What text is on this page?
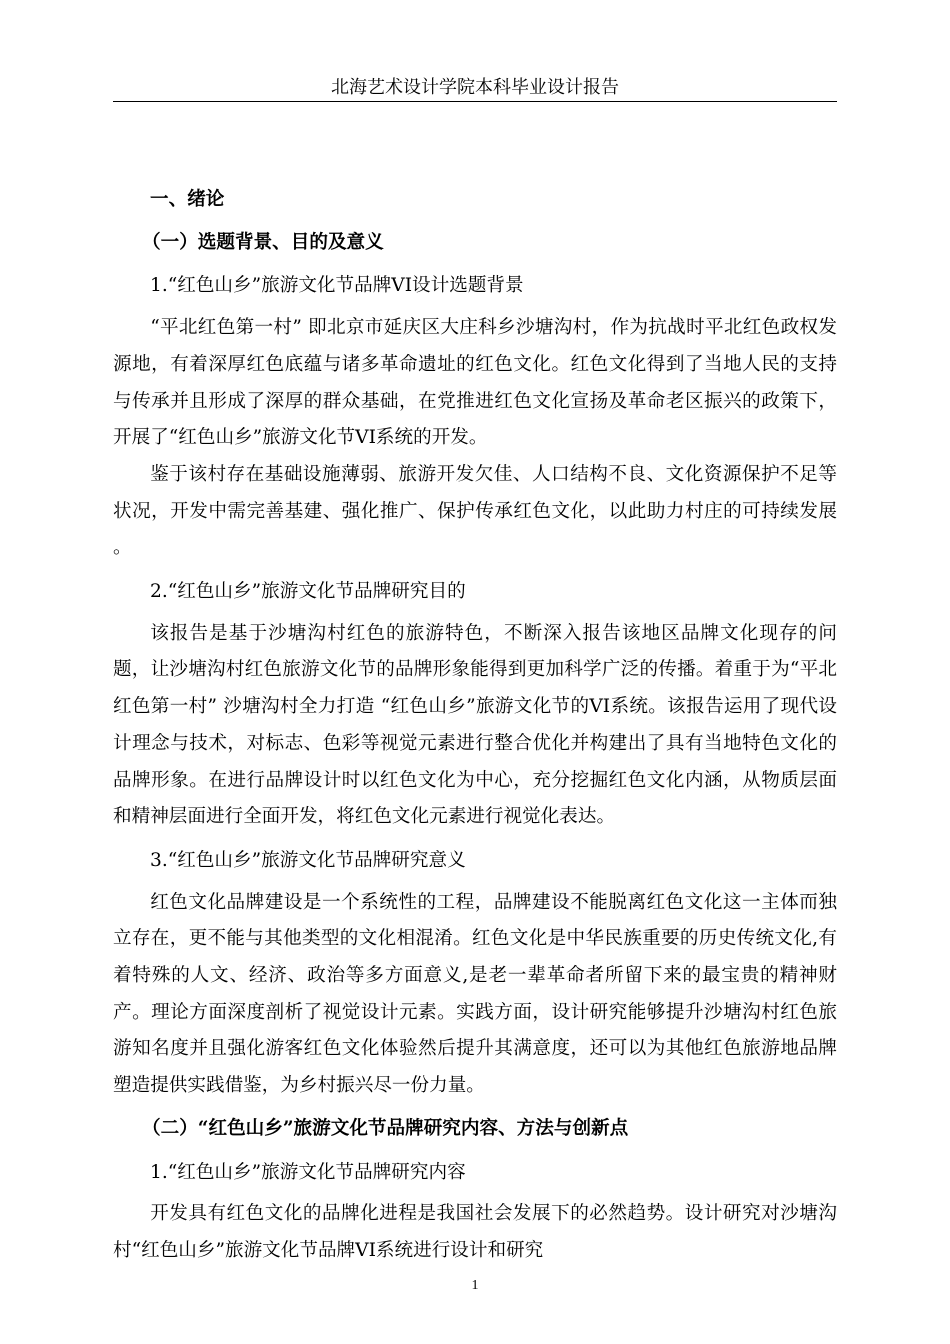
北海艺术设计学院本科毕业设计报告
一、绪论
（一）选题背景、目的及意义
1.“红色山乡”旅游文化节品牌VI设计选题背景
“平北红色第一村” 即北京市延庆区大庄科乡沙塘沟村，作为抗战时平北红色政权发源地，有着深厚红色底蕴与诸多革命遗址的红色文化。红色文化得到了当地人民的支持与传承并且形成了深厚的群众基础，在党推进红色文化宣扬及革命老区振兴的政策下，开展了“红色山乡”旅游文化节VI系统的开发。
鉴于该村存在基础设施薄弱、旅游开发欠佳、人口结构不良、文化资源保护不足等状况，开发中需完善基建、强化推广、保护传承红色文化，以此助力村庄的可持续发展 。
2.“红色山乡”旅游文化节品牌研究目的
该报告是基于沙塘沟村红色的旅游特色，不断深入报告该地区品牌文化现存的问题，让沙塘沟村红色旅游文化节的品牌形象能得到更加科学广泛的传播。着重于为“平北红色第一村” 沙塘沟村全力打造 “红色山乡”旅游文化节的VI系统。该报告运用了现代设计理念与技术，对标志、色彩等视觉元素进行整合优化并构建出了具有当地特色文化的品牌形象。在进行品牌设计时以红色文化为中心，充分挖掘红色文化内涵，从物质层面和精神层面进行全面开发，将红色文化元素进行视觉化表达。
3.“红色山乡”旅游文化节品牌研究意义
红色文化品牌建设是一个系统性的工程，品牌建设不能脱离红色文化这一主体而独立存在，更不能与其他类型的文化相混淆。红色文化是中华民族重要的历史传统文化,有着特殊的人文、经济、政治等多方面意义,是老一辈革命者所留下来的最宝贵的精神财产。理论方面深度剖析了视觉设计元素。实践方面，设计研究能够提升沙塘沟村红色旅游知名度并且强化游客红色文化体验然后提升其满意度，还可以为其他红色旅游地品牌塑造提供实践借鉴，为乡村振兴尽一份力量。
（二）“红色山乡”旅游文化节品牌研究内容、方法与创新点
1.“红色山乡”旅游文化节品牌研究内容
开发具有红色文化的品牌化进程是我国社会发展下的必然趋势。设计研究对沙塘沟村“红色山乡”旅游文化节品牌VI系统进行设计和研究
1
